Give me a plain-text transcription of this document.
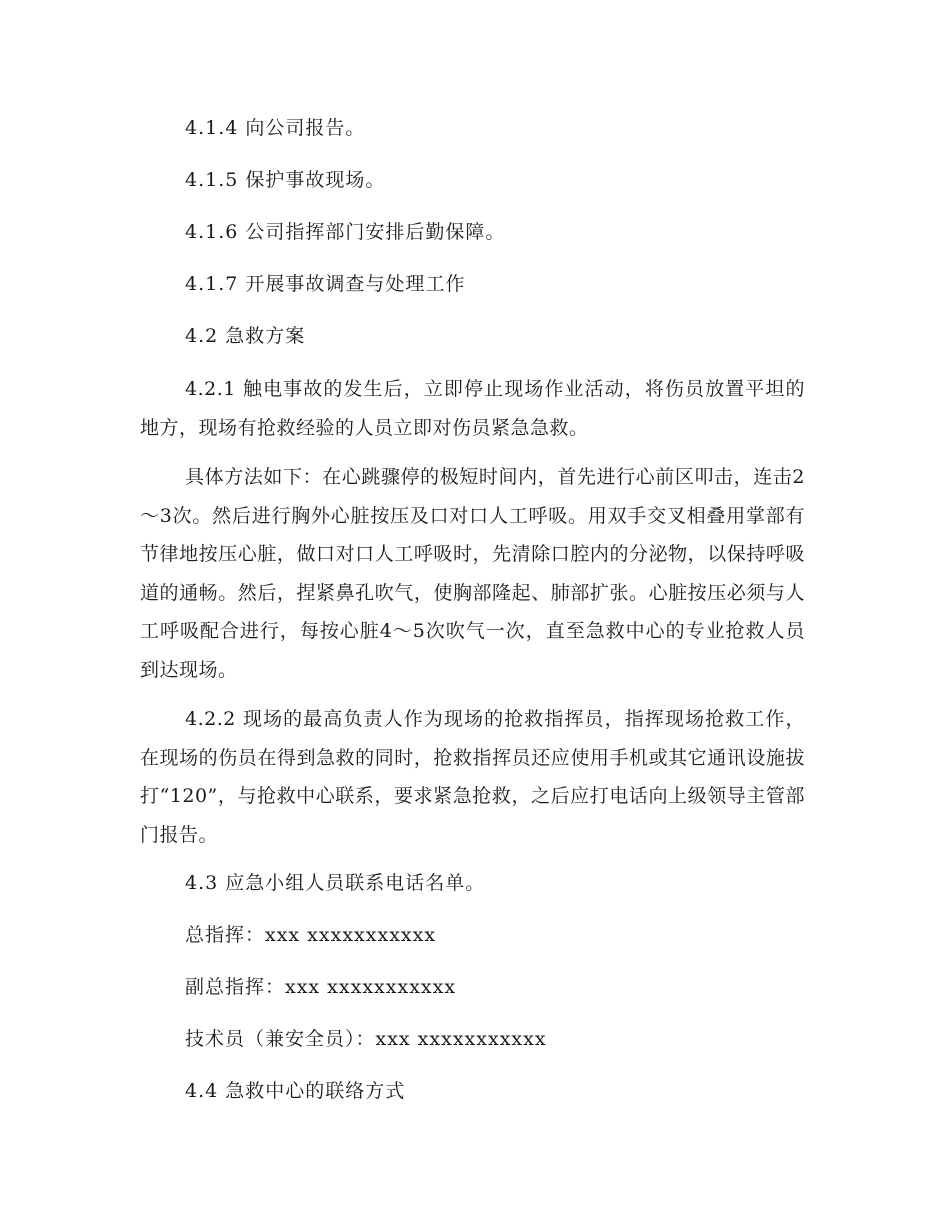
4.1.4 向公司报告。
4.1.5 保护事故现场。
4.1.6 公司指挥部门安排后勤保障。
4.1.7 开展事故调查与处理工作
4.2 急救方案
4.2.1 触电事故的发生后，立即停止现场作业活动，将伤员放置平坦的地方，现场有抢救经验的人员立即对伤员紧急急救。
具体方法如下：在心跳骤停的极短时间内，首先进行心前区叩击，连击2～3次。然后进行胸外心脏按压及口对口人工呼吸。用双手交叉相叠用掌部有节律地按压心脏，做口对口人工呼吸时，先清除口腔内的分泌物，以保持呼吸道的通畅。然后，捏紧鼻孔吹气，使胸部隆起、肺部扩张。心脏按压必须与人工呼吸配合进行，每按心脏4～5次吹气一次，直至急救中心的专业抢救人员到达现场。
4.2.2 现场的最高负责人作为现场的抢救指挥员，指挥现场抢救工作，在现场的伤员在得到急救的同时，抢救指挥员还应使用手机或其它通讯设施拔打“120”，与抢救中心联系，要求紧急抢救，之后应打电话向上级领导主管部门报告。
4.3 应急小组人员联系电话名单。
总指挥：xxx xxxxxxxxxxx
副总指挥：xxx xxxxxxxxxxx
技术员（兼安全员）：xxx xxxxxxxxxxx
4.4 急救中心的联络方式
